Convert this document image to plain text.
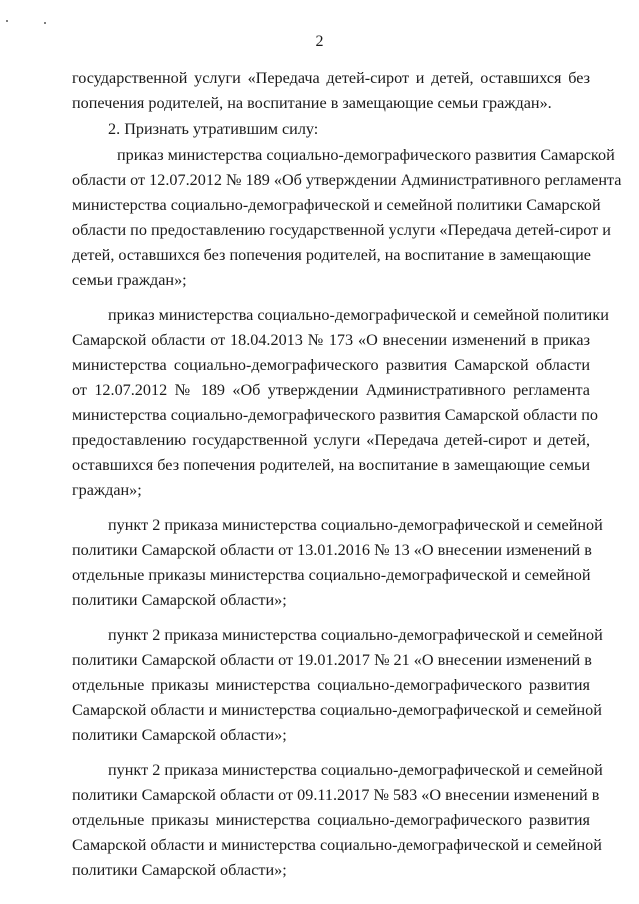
2
государственной услуги «Передача детей-сирот и детей, оставшихся без
попечения родителей, на воспитание в замещающие семьи граждан».
2. Признать утратившим силу:
приказ министерства социально-демографического развития Самарской
области от 12.07.2012 № 189 «Об утверждении Административного регламента
министерства социально-демографической и семейной политики Самарской
области по предоставлению государственной услуги «Передача детей-сирот и
детей, оставшихся без попечения родителей, на воспитание в замещающие
семьи граждан»;
приказ министерства социально-демографической и семейной политики
Самарской области от 18.04.2013 № 173 «О внесении изменений в приказ
министерства социально-демографического развития Самарской области
от 12.07.2012 № 189 «Об утверждении Административного регламента
министерства социально-демографического развития Самарской области по
предоставлению государственной услуги «Передача детей-сирот и детей,
оставшихся без попечения родителей, на воспитание в замещающие семьи
граждан»;
пункт 2 приказа министерства социально-демографической и семейной
политики Самарской области от 13.01.2016 № 13 «О внесении изменений в
отдельные приказы министерства социально-демографической и семейной
политики Самарской области»;
пункт 2 приказа министерства социально-демографической и семейной
политики Самарской области от 19.01.2017 № 21 «О внесении изменений в
отдельные приказы министерства социально-демографического развития
Самарской области и министерства социально-демографической и семейной
политики Самарской области»;
пункт 2 приказа министерства социально-демографической и семейной
политики Самарской области от 09.11.2017 № 583 «О внесении изменений в
отдельные приказы министерства социально-демографического развития
Самарской области и министерства социально-демографической и семейной
политики Самарской области»;
